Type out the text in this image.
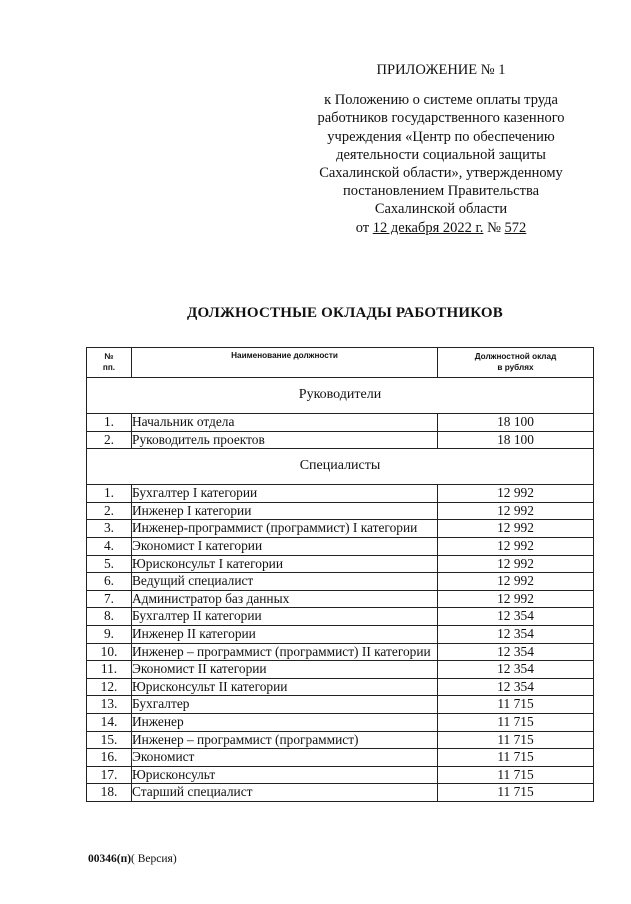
ПРИЛОЖЕНИЕ № 1
к Положению о системе оплаты труда
работников государственного казенного
учреждения «Центр по обеспечению
деятельности социальной защиты
Сахалинской области», утвержденному
постановлением Правительства
Сахалинской области
от 12 декабря 2022 г. № 572
ДОЛЖНОСТНЫЕ ОКЛАДЫ РАБОТНИКОВ
№
пп.	Наименование должности	Должностной оклад
в рублях
Руководители		
1.	Начальник отдела	18 100
2.	Руководитель проектов	18 100
Специалисты		
1.	Бухгалтер I категории	12 992
2.	Инженер I категории	12 992
3.	Инженер-программист (программист) I категории	12 992
4.	Экономист I категории	12 992
5.	Юрисконсульт I категории	12 992
6.	Ведущий специалист	12 992
7.	Администратор баз данных	12 992
8.	Бухгалтер II категории	12 354
9.	Инженер II категории	12 354
10.	Инженер – программист (программист) II категории	12 354
11.	Экономист II категории	12 354
12.	Юрисконсульт II категории	12 354
13.	Бухгалтер	11 715
14.	Инженер	11 715
15.	Инженер – программист (программист)	11 715
16.	Экономист	11 715
17.	Юрисконсульт	11 715
18.	Старший специалист	11 715
00346(п)( Версия)
